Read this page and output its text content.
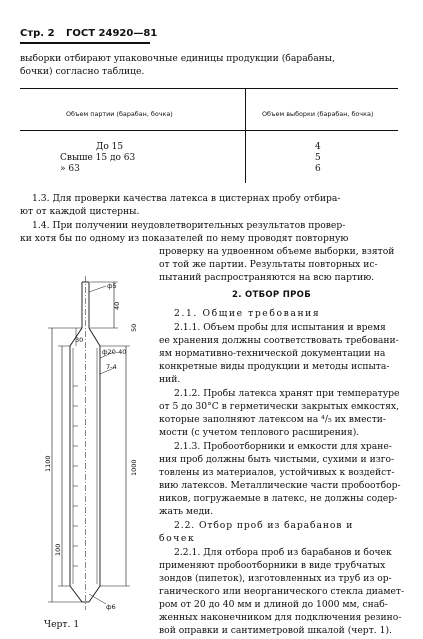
Стр. 2 ГОСТ 24920—81
выборки отбирают упаковочные единицы продукции (барабаны,
бочки) согласно таблице.
Объем партии (барабан, бочка)	Объем выборки (барабан, бочка)
До 15
Свыше 15 до 63
» 63
4
5
6
1.3. Для проверки качества латекса в цистернах пробу отбира-
ют от каждой цистерны.
1.4. При получении неудовлетворительных результатов провер-
ки хотя бы по одному из показателей по нему проводят повторную
проверку на удвоенном объеме выборки, взятой
от той же партии. Результаты повторных ис-
пытаний распространяются на всю партию.
2. ОТБОР ПРОБ
2.1. Общие требования
2.1.1. Объем пробы для испытания и время
ее хранения должны соответствовать требовани-
ям нормативно-технической документации на
конкретные виды продукции и методы испыта-
ний.
2.1.2. Пробы латекса хранят при температуре
от 5 до 30°С в герметически закрытых емкостях,
которые заполняют латексом на ⁴/₅ их вмести-
мости (с учетом теплового расширения).
2.1.3. Пробоотборники и емкости для хране-
ния проб должны быть чистыми, сухими и изго-
товлены из материалов, устойчивых к воздейст-
вию латексов. Металлические части пробоотбор-
ников, погружаемые в латекс, не должны содер-
жать меди.
2.2. Отбор проб из барабанов и
бочек
2.2.1. Для отбора проб из барабанов и бочек
применяют пробоотборники в виде трубчатых
зондов (пипеток), изготовленных из труб из ор-
ганического или неорганического стекла диамет-
ром от 20 до 40 мм и длиной до 1000 мм, снаб-
женных наконечником для подключения резино-
вой оправки и сантиметровой шкалой (черт. 1).
ф5
40
50
30
ф20-40
7-4
1000
1100
100
ф6
Черт. 1
